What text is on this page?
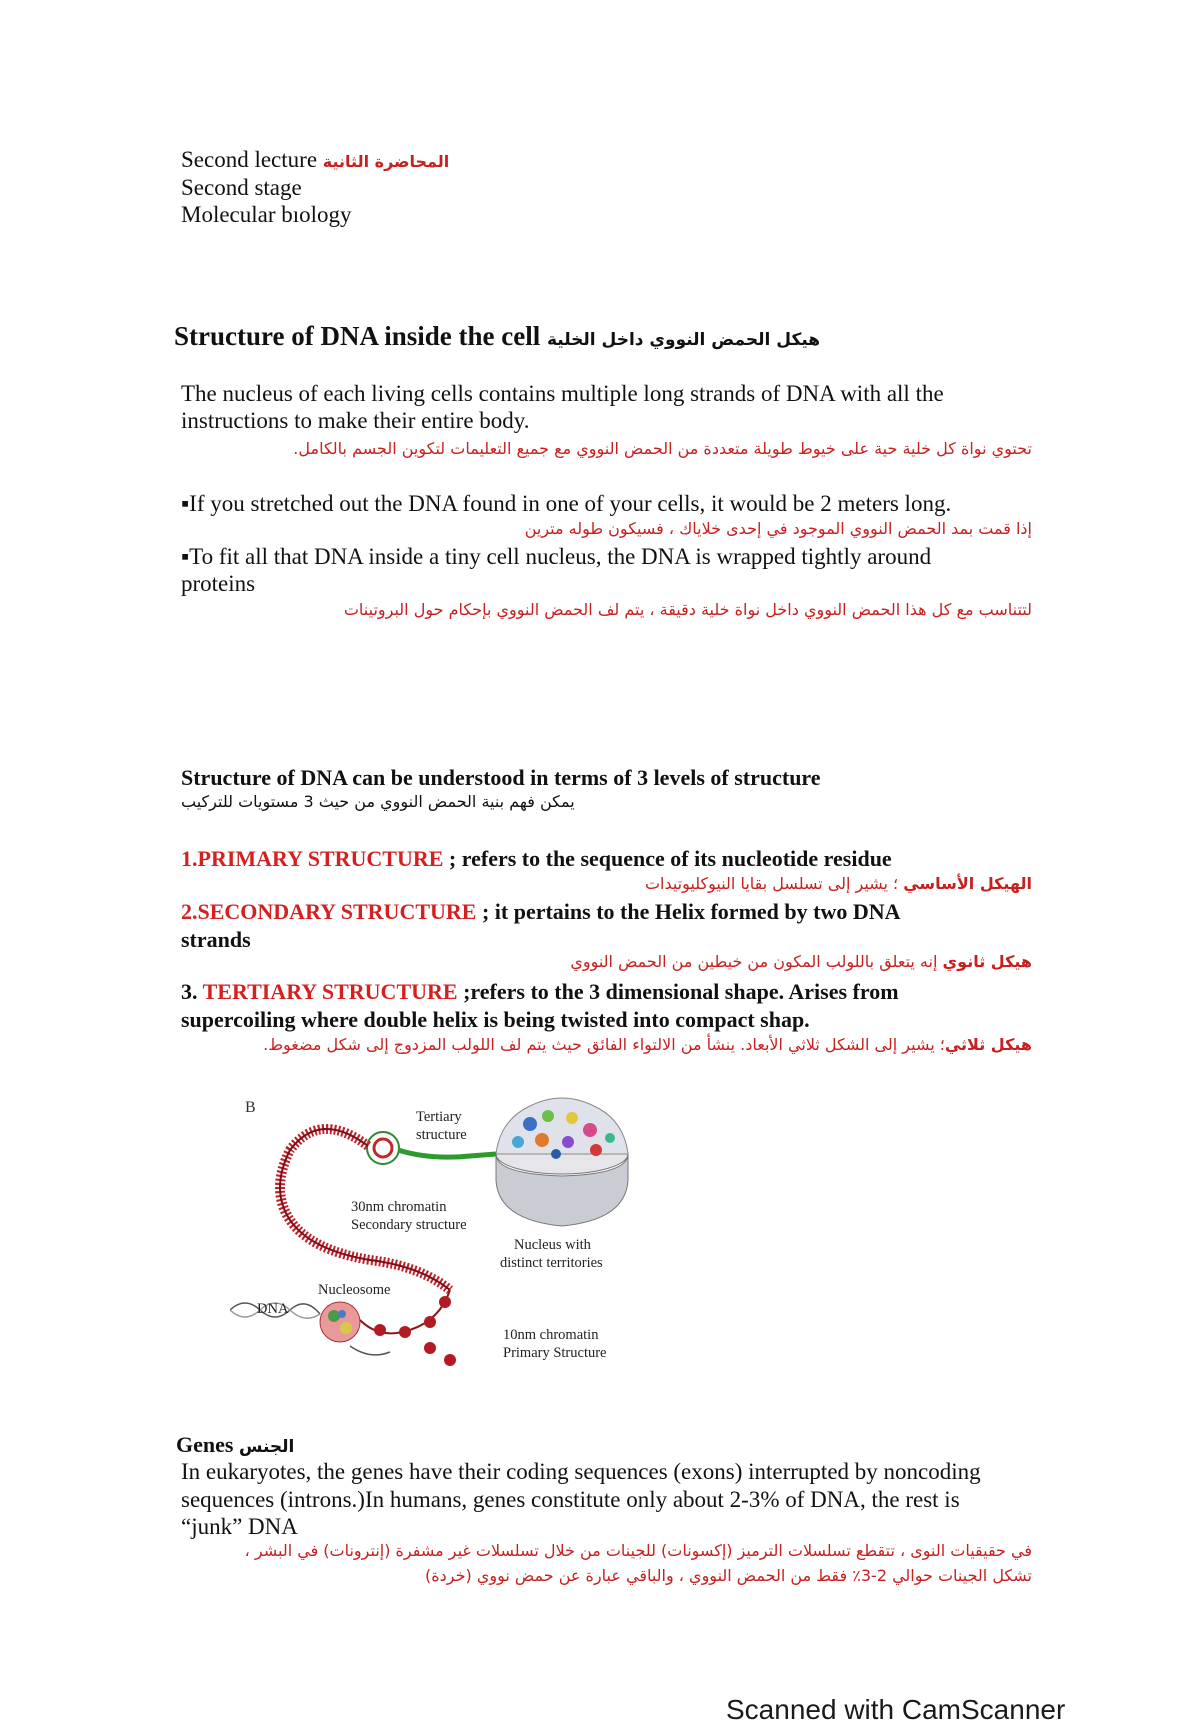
Second lecture المحاضرة الثانية
Second stage
Molecular bıology
Structure of DNA inside the cell هيكل الحمض النووي داخل الخلية
The nucleus of each living cells contains multiple long strands of DNA with all the
instructions to make their entire body.
تحتوي نواة كل خلية حية على خيوط طويلة متعددة من الحمض النووي مع جميع التعليمات لتكوين الجسم بالكامل.
▪If you stretched out the DNA found in one of your cells, it would be 2 meters long.
إذا قمت بمد الحمض النووي الموجود في إحدى خلاياك ، فسيكون طوله مترين
▪To fit all that DNA inside a tiny cell nucleus, the DNA is wrapped tightly around
proteins
لتتناسب مع كل هذا الحمض النووي داخل نواة خلية دقيقة ، يتم لف الحمض النووي بإحكام حول البروتينات
Structure of DNA can be understood in terms of 3 levels of structure
يمكن فهم بنية الحمض النووي من حيث 3 مستويات للتركيب
1.PRIMARY STRUCTURE ; refers to the sequence of its nucleotide residue
الهيكل الأساسي ؛ يشير إلى تسلسل بقايا النيوكليوتيدات
2.SECONDARY STRUCTURE ; it pertains to the Helix formed by two DNA
strands
هيكل ثانوي إنه يتعلق باللولب المكون من خيطين من الحمض النووي
3. TERTIARY STRUCTURE ;refers to the 3 dimensional shape. Arises from
supercoiling where double helix is being twisted into compact shap.
هيكل ثلاثي؛ يشير إلى الشكل ثلاثي الأبعاد. ينشأ من الالتواء الفائق حيث يتم لف اللولب المزدوج إلى شكل مضغوط.
B
Tertiary
structure
30nm chromatin
Secondary structure
Nucleus with
distinct territories
Nucleosome
DNA
10nm chromatin
Primary Structure
Genes الجنس
In eukaryotes, the genes have their coding sequences (exons) interrupted by noncoding
sequences (introns.)In humans, genes constitute only about 2-3% of DNA, the rest is
“junk” DNA
في حقيقيات النوى ، تتقطع تسلسلات الترميز (إكسونات) للجينات من خلال تسلسلات غير مشفرة (إنترونات) في البشر ،
تشكل الجينات حوالي 2-3٪ فقط من الحمض النووي ، والباقي عبارة عن حمض نووي (خردة)
Scanned with CamScanner
